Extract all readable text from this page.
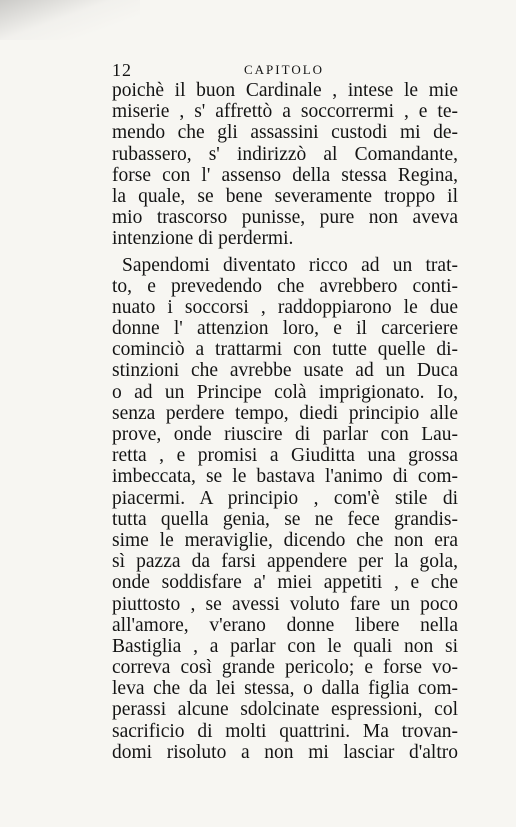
12	CAPITOLO
poichè il buon Cardinale , intese le mie
miserie , s' affrettò a soccorrermi , e te-
mendo che gli assassini custodi mi de-
rubassero, s' indirizzò al Comandante,
forse con l' assenso della stessa Regina,
la quale, se bene severamente troppo il
mio trascorso punisse, pure non aveva
intenzione di perdermi.
Sapendomi diventato ricco ad un trat-
to, e prevedendo che avrebbero conti-
nuato i soccorsi , raddoppiarono le due
donne l' attenzion loro, e il carceriere
cominciò a trattarmi con tutte quelle di-
stinzioni che avrebbe usate ad un Duca
o ad un Principe colà imprigionato. Io,
senza perdere tempo, diedi principio alle
prove, onde riuscire di parlar con Lau-
retta , e promisi a Giuditta una grossa
imbeccata, se le bastava l'animo di com-
piacermi. A principio , com'è stile di
tutta quella genia, se ne fece grandis-
sime le meraviglie, dicendo che non era
sì pazza da farsi appendere per la gola,
onde soddisfare a' miei appetiti , e che
piuttosto , se avessi voluto fare un poco
all'amore, v'erano donne libere nella
Bastiglia , a parlar con le quali non si
correva così grande pericolo; e forse vo-
leva che da lei stessa, o dalla figlia com-
perassi alcune sdolcinate espressioni, col
sacrificio di molti quattrini. Ma trovan-
domi risoluto a non mi lasciar d'altro
